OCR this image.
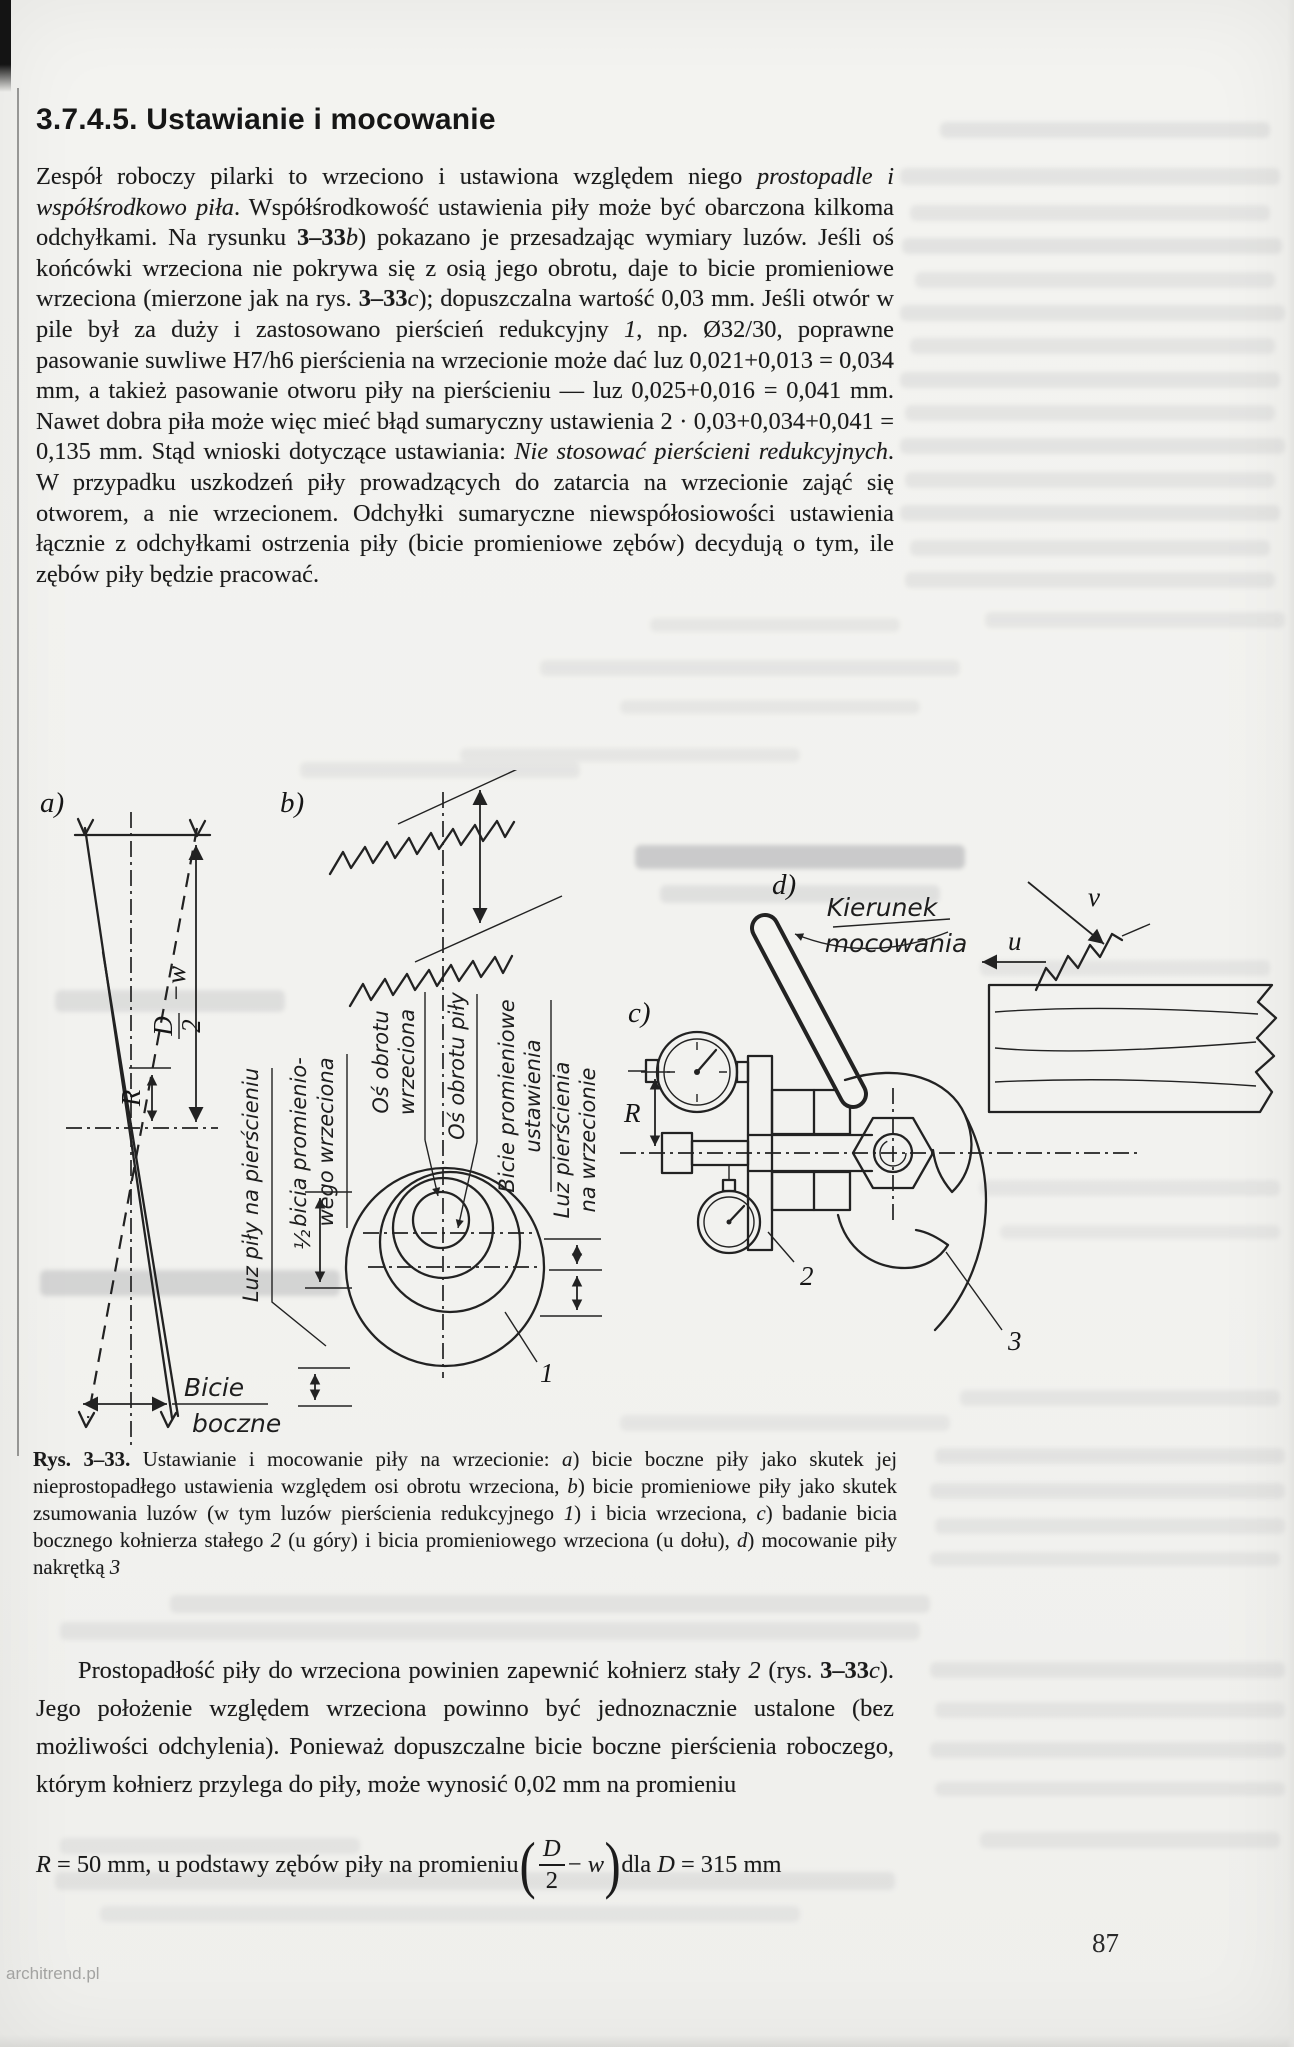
3.7.4.5. Ustawianie i mocowanie
Zespół roboczy pilarki to wrzeciono i ustawiona względem niego prostopadle i współśrodkowo piła. Współśrodkowość ustawienia piły może być obarczona kilkoma odchyłkami. Na rysunku 3–33b) pokazano je przesadzając wymiary luzów. Jeśli oś końcówki wrzeciona nie pokrywa się z osią jego obrotu, daje to bicie promieniowe wrzeciona (mierzone jak na rys. 3–33c); dopuszczalna wartość 0,03 mm. Jeśli otwór w pile był za duży i zastosowano pierścień redukcyjny 1, np. Ø32/30, poprawne pasowanie suwliwe H7/h6 pierścienia na wrzecionie może dać luz 0,021+0,013 = 0,034 mm, a takież pasowanie otworu piły na pierścieniu — luz 0,025+0,016 = 0,041 mm. Nawet dobra piła może więc mieć błąd sumaryczny ustawienia 2 · 0,03+0,034+0,041 = 0,135 mm. Stąd wnioski dotyczące ustawiania: Nie stosować pierścieni redukcyjnych. W przypadku uszkodzeń piły prowadzących do zatarcia na wrzecionie zająć się otworem, a nie wrzecionem. Odchyłki sumaryczne niewspółosiowości ustawienia łącznie z odchyłkami ostrzenia piły (bicie promieniowe zębów) decydują o tym, ile zębów piły będzie pracować.
a)
D
2
−w
R
Bicie
boczne
b)
Luz piły na pierścieniu ½
bicia promienio- wego wrzeciona Oś obrotu wrzeciona Oś obrotu piły Bicie promieniowe ustawienia Luz pierścienia na wrzecionie
1
c)
R
2
d)
Kierunek
mocowania
3
v
u
Rys. 3–33. Ustawianie i mocowanie piły na wrzecionie: a) bicie boczne piły jako skutek jej nieprostopadłego ustawienia względem osi obrotu wrzeciona, b) bicie promieniowe piły jako skutek zsumowania luzów (w tym luzów pierścienia redukcyjnego 1) i bicia wrzeciona, c) badanie bicia bocznego kołnierza stałego 2 (u góry) i bicia promieniowego wrzeciona (u dołu), d) mocowanie piły nakrętką 3
Prostopadłość piły do wrzeciona powinien zapewnić kołnierz stały 2 (rys. 3–33c). Jego położenie względem wrzeciona powinno być jednoznacznie ustalone (bez możliwości odchylenia). Ponieważ dopuszczalne bicie boczne pierścienia roboczego, którym kołnierz przylega do piły, może wynosić 0,02 mm na promieniu
R = 50 mm, u podstawy zębów piły na promieniu ( $\frac{D}{2} - w$ ) dla D = 315 mm
87
architrend.pl
